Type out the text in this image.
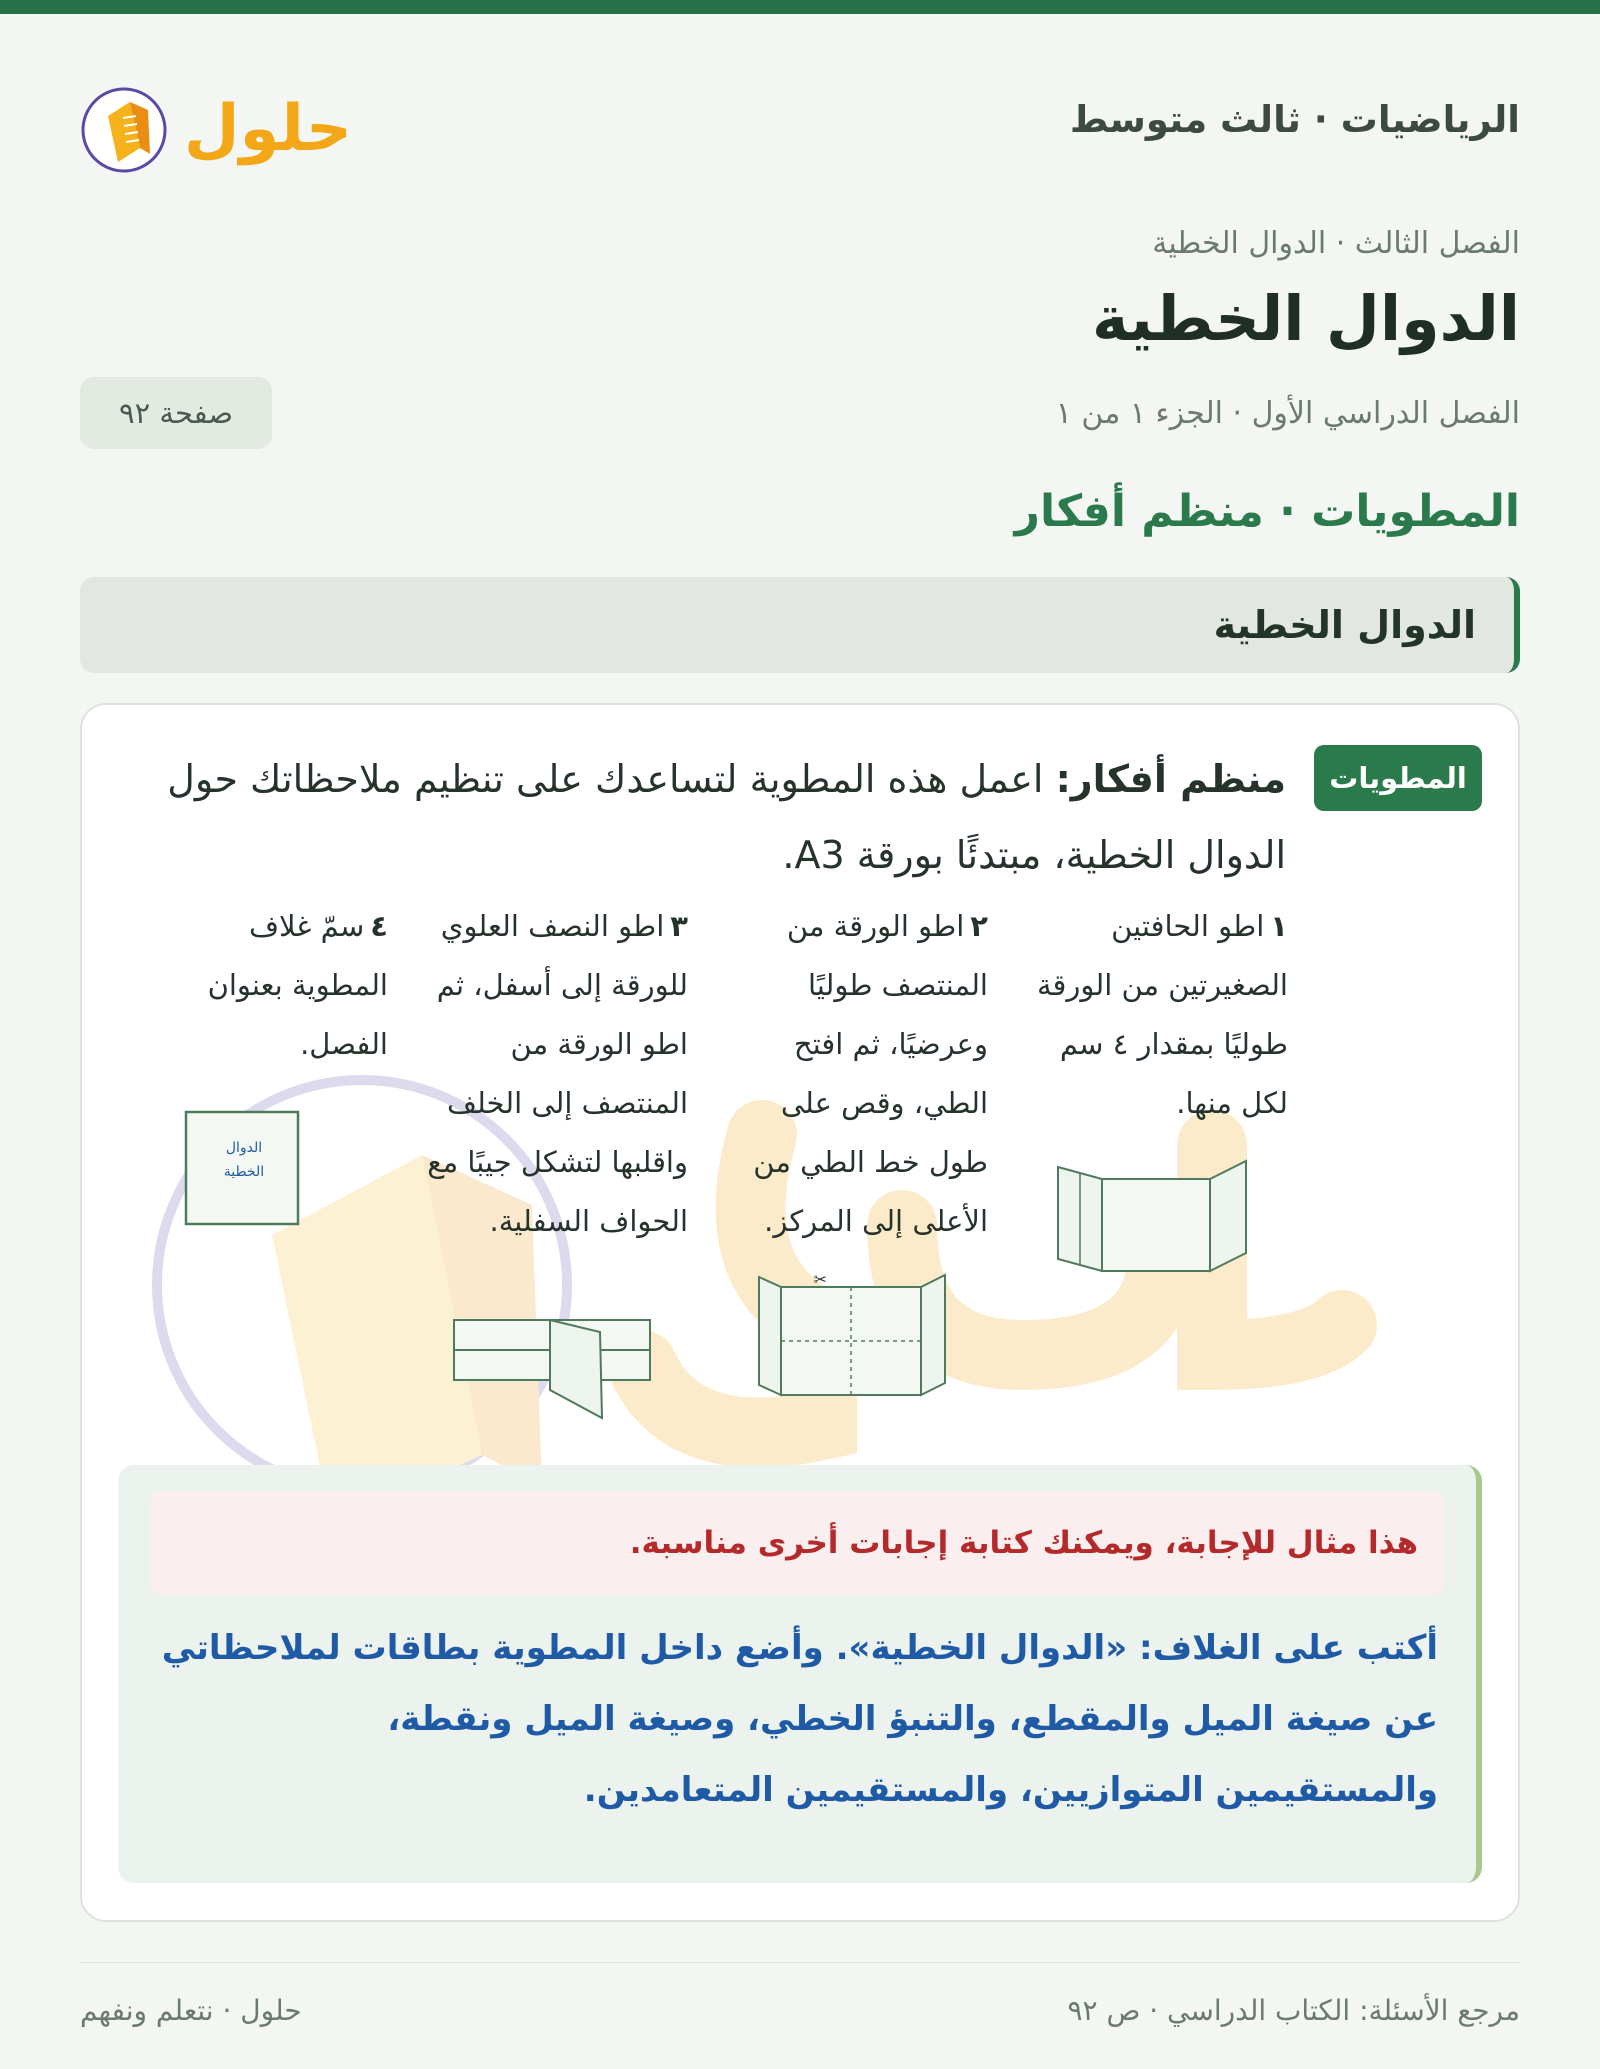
الرياضيات · ثالث متوسط
حلول
الفصل الثالث · الدوال الخطية
الدوال الخطية
الفصل الدراسي الأول · الجزء ١ من ١
صفحة ٩٢
المطويات · منظم أفكار
الدوال الخطية
المطويات
منظم أفكار: اعمل هذه المطوية لتساعدك على تنظيم ملاحظاتك حول الدوال الخطية، مبتدئًا بورقة A3.
١اطو الحافتين الصغيرتين من الورقة طوليًا بمقدار ٤ سم لكل منها.
٢اطو الورقة من المنتصف طوليًا وعرضيًا، ثم افتح الطي، وقص على طول خط الطي من الأعلى إلى المركز.
٣اطو النصف العلوي للورقة إلى أسفل، ثم اطو الورقة من المنتصف إلى الخلف واقلبها لتشكل جيبًا مع الحواف السفلية.
٤سمّ غلاف المطوية بعنوان الفصل.
هذا مثال للإجابة، ويمكنك كتابة إجابات أخرى مناسبة.
أكتب على الغلاف: «الدوال الخطية». وأضع داخل المطوية بطاقات لملاحظاتي عن صيغة الميل والمقطع، والتنبؤ الخطي، وصيغة الميل ونقطة، والمستقيمين المتوازيين، والمستقيمين المتعامدين.
✂
الدوال
الخطية
مرجع الأسئلة: الكتاب الدراسي · ص ٩٢
حلول · نتعلم ونفهم
